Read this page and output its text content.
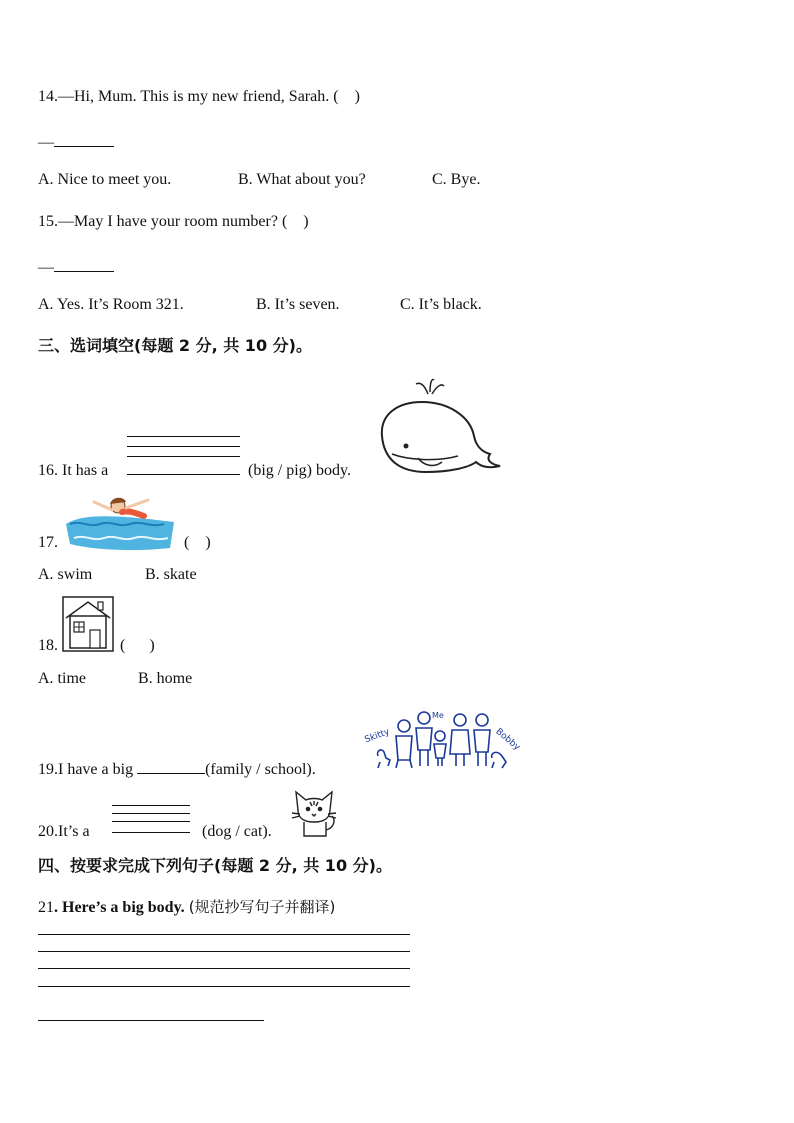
14.—Hi, Mum. This is my new friend, Sarah. (    )
—
A. Nice to meet you.	B. What about you?	C. Bye.
15.—May I have your room number? (    )
—
A. Yes. It’s Room 321.	B. It’s seven.	C. It’s black.
三、选词填空(每题 2 分, 共 10 分)。
16. It has a	(big / pig) body.
17.	(    )
A. swim	B. skate
18.	(      )
A. time	B. home
19.I have a big	(family / school).
Skitty
Me
Bobby
20.It’s a	(dog / cat).
四、按要求完成下列句子(每题 2 分, 共 10 分)。
21. Here’s a big body. (规范抄写句子并翻译)
